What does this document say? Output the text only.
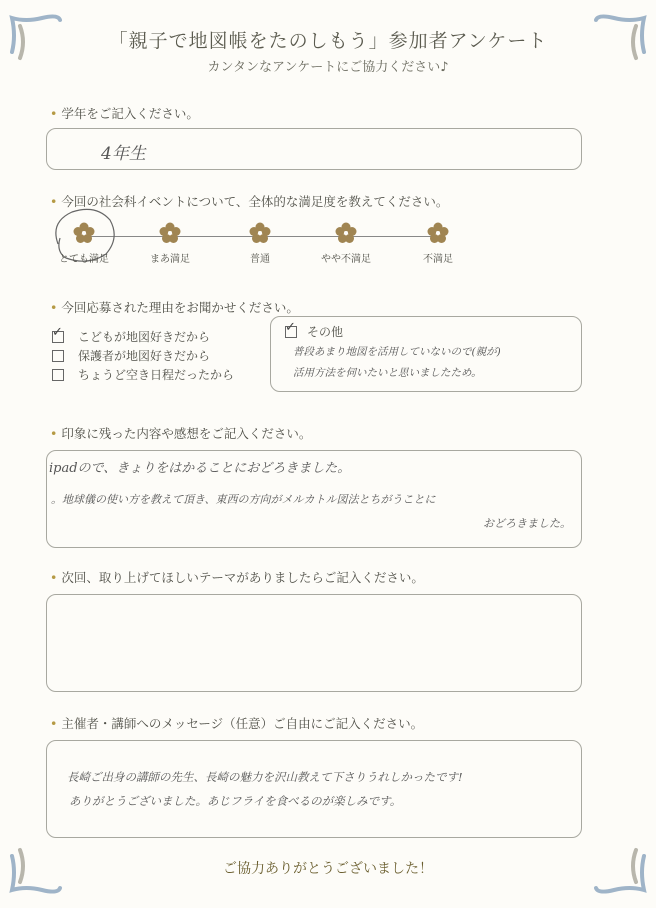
「親子で地図帳をたのしもう」参加者アンケート
カンタンなアンケートにご協力ください♪
• 学年をご記入ください。
4年生
• 今回の社会科イベントについて、全体的な満足度を教えてください。
とても満足	まあ満足	普通	やや不満足	不満足
• 今回応募された理由をお聞かせください。
✓こどもが地図好きだから
保護者が地図好きだから
ちょうど空き日程だったから
✓その他
普段あまり地図を活用していないので(親が)
活用方法を伺いたいと思いましたため。
• 印象に残った内容や感想をご記入ください。
ipadので、きょりをはかることにおどろきました。
。地球儀の使い方を教えて頂き、東西の方向がメルカトル図法とちがうことに
おどろきました。
• 次回、取り上げてほしいテーマがありましたらご記入ください。
• 主催者・講師へのメッセージ（任意）ご自由にご記入ください。
長崎ご出身の講師の先生、長崎の魅力を沢山教えて下さりうれしかったです!
ありがとうございました。あじフライを食べるのが楽しみです。
ご協力ありがとうございました！
